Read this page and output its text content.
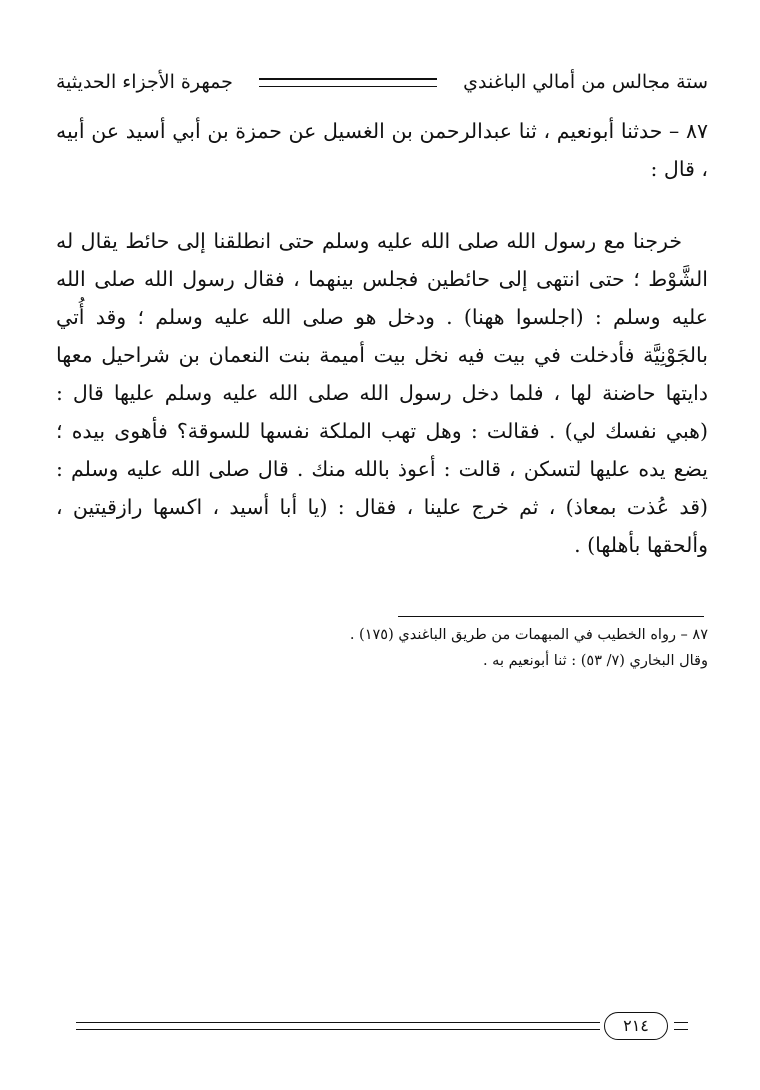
ستة مجالس من أمالي الباغندي
جمهرة الأجزاء الحديثية

٨٧ – حدثنا أبونعيم ، ثنا عبدالرحمن بن الغسيل عن حمزة بن أبي أسيد عن أبيه ، قال :

خرجنا مع رسول الله صلى الله عليه وسلم حتى انطلقنا إلى حائط يقال له الشَّوْط ؛ حتى انتهى إلى حائطين فجلس بينهما ، فقال رسول الله صلى الله عليه وسلم : (اجلسوا ههنا) . ودخل هو صلى الله عليه وسلم ؛ وقد أُتي بالجَوْنِيَّة فأدخلت في بيت فيه نخل بيت أميمة بنت النعمان بن شراحيل معها دايتها حاضنة لها ، فلما دخل رسول الله صلى الله عليه وسلم عليها قال : (هبي نفسك لي) . فقالت : وهل تهب الملكة نفسها للسوقة؟ فأهوى بيده ؛ يضع يده عليها لتسكن ، قالت : أعوذ بالله منك . قال صلى الله عليه وسلم : (قد عُذت بمعاذ) ، ثم خرج علينا ، فقال : (يا أبا أسيد ، اكسها رازقيتين ، وألحقها بأهلها) .

٨٧ – رواه الخطيب في المبهمات من طريق الباغندي (١٧٥) .

وقال البخاري (٧/ ٥٣) : ثنا أبونعيم به .

٢١٤
